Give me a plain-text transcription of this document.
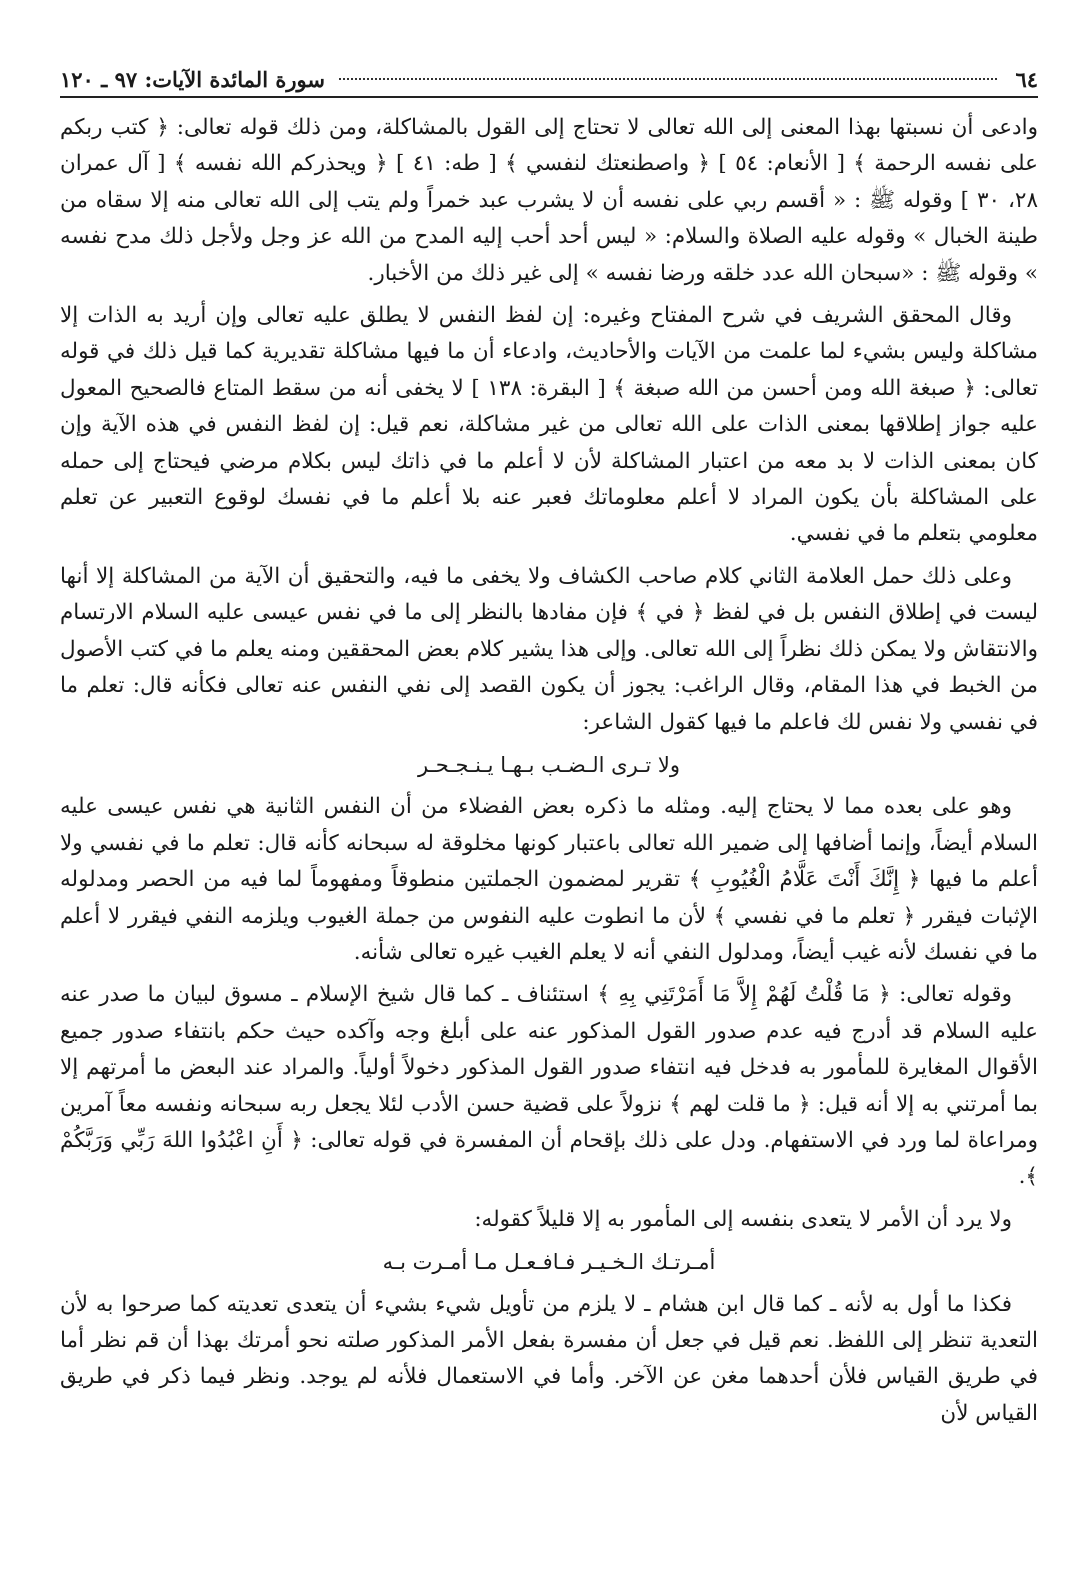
٦٤
سورة المائدة الآيات: ٩٧ ـ ١٢٠

وادعى أن نسبتها بهذا المعنى إلى الله تعالى لا تحتاج إلى القول بالمشاكلة، ومن ذلك قوله تعالى: ﴿ كتب ربكم على نفسه الرحمة ﴾ [ الأنعام: ٥٤ ] ﴿ واصطنعتك لنفسي ﴾ [ طه: ٤١ ] ﴿ ويحذركم الله نفسه ﴾ [ آل عمران ٢٨، ٣٠ ] وقوله ﷺ : « أقسم ربي على نفسه أن لا يشرب عبد خمراً ولم يتب إلى الله تعالى منه إلا سقاه من طينة الخبال » وقوله عليه الصلاة والسلام: « ليس أحد أحب إليه المدح من الله عز وجل ولأجل ذلك مدح نفسه » وقوله ﷺ : «سبحان الله عدد خلقه ورضا نفسه » إلى غير ذلك من الأخبار.

وقال المحقق الشريف في شرح المفتاح وغيره: إن لفظ النفس لا يطلق عليه تعالى وإن أريد به الذات إلا مشاكلة وليس بشيء لما علمت من الآيات والأحاديث، وادعاء أن ما فيها مشاكلة تقديرية كما قيل ذلك في قوله تعالى: ﴿ صبغة الله ومن أحسن من الله صبغة ﴾ [ البقرة: ١٣٨ ] لا يخفى أنه من سقط المتاع فالصحيح المعول عليه جواز إطلاقها بمعنى الذات على الله تعالى من غير مشاكلة، نعم قيل: إن لفظ النفس في هذه الآية وإن كان بمعنى الذات لا بد معه من اعتبار المشاكلة لأن لا أعلم ما في ذاتك ليس بكلام مرضي فيحتاج إلى حمله على المشاكلة بأن يكون المراد لا أعلم معلوماتك فعبر عنه بلا أعلم ما في نفسك لوقوع التعبير عن تعلم معلومي بتعلم ما في نفسي.

وعلى ذلك حمل العلامة الثاني كلام صاحب الكشاف ولا يخفى ما فيه، والتحقيق أن الآية من المشاكلة إلا أنها ليست في إطلاق النفس بل في لفظ ﴿ في ﴾ فإن مفادها بالنظر إلى ما في نفس عيسى عليه السلام الارتسام والانتقاش ولا يمكن ذلك نظراً إلى الله تعالى. وإلى هذا يشير كلام بعض المحققين ومنه يعلم ما في كتب الأصول من الخبط في هذا المقام، وقال الراغب: يجوز أن يكون القصد إلى نفي النفس عنه تعالى فكأنه قال: تعلم ما في نفسي ولا نفس لك فاعلم ما فيها كقول الشاعر:

ولا تـرى الـضـب بـهـا يـنـجـحـر

وهو على بعده مما لا يحتاج إليه. ومثله ما ذكره بعض الفضلاء من أن النفس الثانية هي نفس عيسى عليه السلام أيضاً، وإنما أضافها إلى ضمير الله تعالى باعتبار كونها مخلوقة له سبحانه كأنه قال: تعلم ما في نفسي ولا أعلم ما فيها ﴿ إِنَّكَ أَنْتَ عَلَّامُ الْغُيُوبِ ﴾ تقرير لمضمون الجملتين منطوقاً ومفهوماً لما فيه من الحصر ومدلوله الإثبات فيقرر ﴿ تعلم ما في نفسي ﴾ لأن ما انطوت عليه النفوس من جملة الغيوب ويلزمه النفي فيقرر لا أعلم ما في نفسك لأنه غيب أيضاً، ومدلول النفي أنه لا يعلم الغيب غيره تعالى شأنه.

وقوله تعالى: ﴿ مَا قُلْتُ لَهُمْ إِلاَّ مَا أَمَرْتَنِي بِهِ ﴾ استئناف ـ كما قال شيخ الإسلام ـ مسوق لبيان ما صدر عنه عليه السلام قد أدرج فيه عدم صدور القول المذكور عنه على أبلغ وجه وآكده حيث حكم بانتفاء صدور جميع الأقوال المغايرة للمأمور به فدخل فيه انتفاء صدور القول المذكور دخولاً أولياً. والمراد عند البعض ما أمرتهم إلا بما أمرتني به إلا أنه قيل: ﴿ ما قلت لهم ﴾ نزولاً على قضية حسن الأدب لئلا يجعل ربه سبحانه ونفسه معاً آمرين ومراعاة لما ورد في الاستفهام. ودل على ذلك بإقحام أن المفسرة في قوله تعالى: ﴿ أَنِ اعْبُدُوا اللهَ رَبِّي وَرَبَّكُمْ ﴾.

ولا يرد أن الأمر لا يتعدى بنفسه إلى المأمور به إلا قليلاً كقوله:

أمـرتـك الـخـيـر فـافـعـل مـا أمـرت بـه

فكذا ما أول به لأنه ـ كما قال ابن هشام ـ لا يلزم من تأويل شيء بشيء أن يتعدى تعديته كما صرحوا به لأن التعدية تنظر إلى اللفظ. نعم قيل في جعل أن مفسرة بفعل الأمر المذكور صلته نحو أمرتك بهذا أن قم نظر أما في طريق القياس فلأن أحدهما مغن عن الآخر. وأما في الاستعمال فلأنه لم يوجد. ونظر فيما ذكر في طريق القياس لأن
